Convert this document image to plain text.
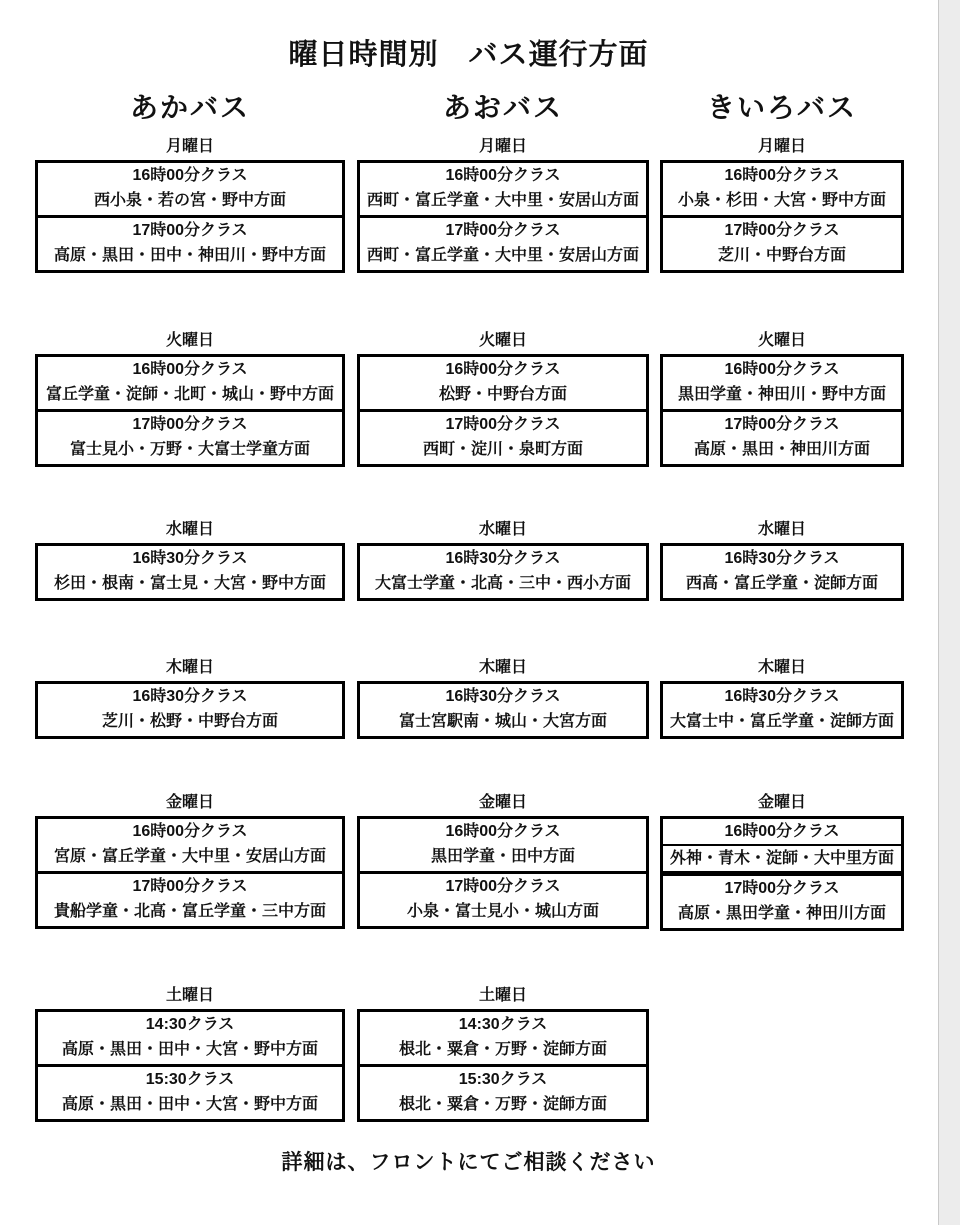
曜日時間別　バス運行方面
あかバス	あおバス	きいろバス
月曜日
16時00分クラス
西小泉・若の宮・野中方面
17時00分クラス
高原・黒田・田中・神田川・野中方面
月曜日
16時00分クラス
西町・富丘学童・大中里・安居山方面
17時00分クラス
西町・富丘学童・大中里・安居山方面
月曜日
16時00分クラス
小泉・杉田・大宮・野中方面
17時00分クラス
芝川・中野台方面
火曜日
16時00分クラス
富丘学童・淀師・北町・城山・野中方面
17時00分クラス
富士見小・万野・大富士学童方面
火曜日
16時00分クラス
松野・中野台方面
17時00分クラス
西町・淀川・泉町方面
火曜日
16時00分クラス
黒田学童・神田川・野中方面
17時00分クラス
高原・黒田・神田川方面
水曜日
16時30分クラス
杉田・根南・富士見・大宮・野中方面
水曜日
16時30分クラス
大富士学童・北高・三中・西小方面
水曜日
16時30分クラス
西高・富丘学童・淀師方面
木曜日
16時30分クラス
芝川・松野・中野台方面
木曜日
16時30分クラス
富士宮駅南・城山・大宮方面
木曜日
16時30分クラス
大富士中・富丘学童・淀師方面
金曜日
16時00分クラス
宮原・富丘学童・大中里・安居山方面
17時00分クラス
貴船学童・北高・富丘学童・三中方面
金曜日
16時00分クラス
黒田学童・田中方面
17時00分クラス
小泉・富士見小・城山方面
金曜日
16時00分クラス
外神・青木・淀師・大中里方面
17時00分クラス
高原・黒田学童・神田川方面
土曜日
14:30クラス
高原・黒田・田中・大宮・野中方面
15:30クラス
高原・黒田・田中・大宮・野中方面
土曜日
14:30クラス
根北・粟倉・万野・淀師方面
15:30クラス
根北・粟倉・万野・淀師方面
詳細は、フロントにてご相談ください
